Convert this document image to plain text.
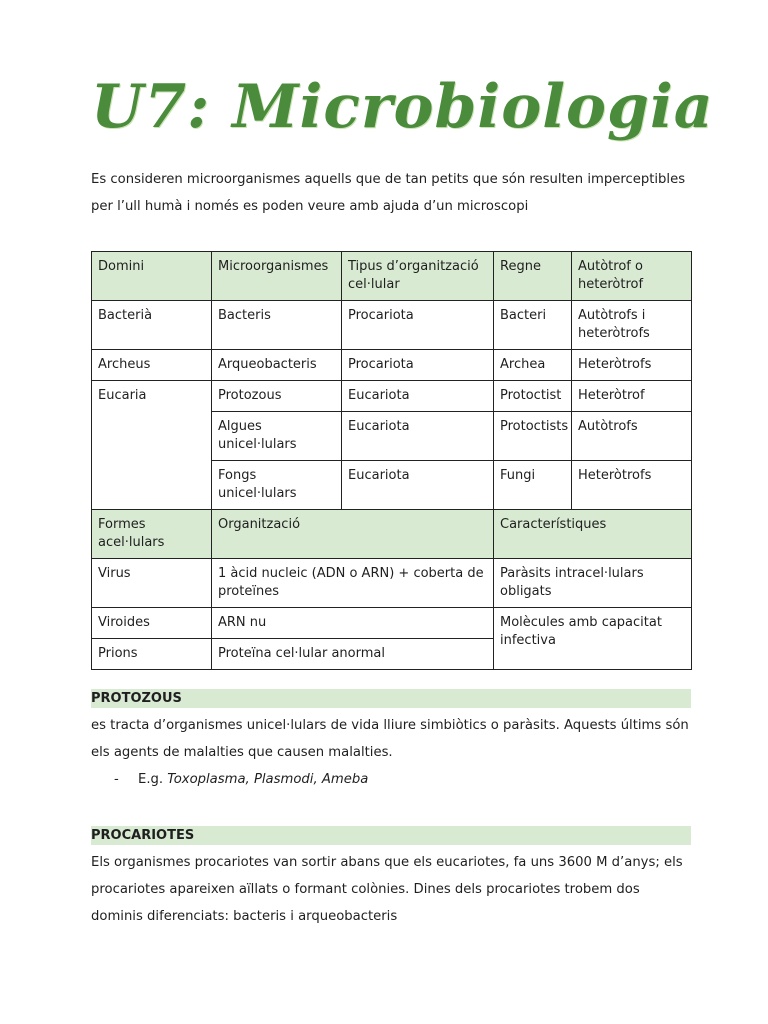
U7: Microbiologia
Es consideren microorganismes aquells que de tan petits que són resulten imperceptibles per l’ull humà i només es poden veure amb ajuda d’un microscopi
Domini	Microorganismes	Tipus d’organització cel·lular	Regne	Autòtrof o heteròtrof
Bacterià	Bacteris	Procariota	Bacteri	Autòtrofs i heteròtrofs
Archeus	Arqueobacteris	Procariota	Archea	Heteròtrofs
Eucaria	Protozous	Eucariota	Protoctist	Heteròtrof
	Algues unicel·lulars	Eucariota	Protoctists	Autòtrofs
	Fongs unicel·lulars	Eucariota	Fungi	Heteròtrofs
Formes acel·lulars	Organització		Característiques	
Virus	1 àcid nucleic (ADN o ARN) + coberta de proteïnes		Paràsits intracel·lulars obligats	
Viroides	ARN nu		Molècules amb capacitat infectiva	
Prions	Proteïna cel·lular anormal			
PROTOZOUS
es tracta d’organismes unicel·lulars de vida lliure simbiòtics o paràsits. Aquests últims són els agents de malalties que causen malalties.
- E.g. Toxoplasma, Plasmodi, Ameba
PROCARIOTES
Els organismes procariotes van sortir abans que els eucariotes, fa uns 3600 M d’anys; els procariotes apareixen aïllats o formant colònies. Dines dels procariotes trobem dos dominis diferenciats: bacteris i arqueobacteris
